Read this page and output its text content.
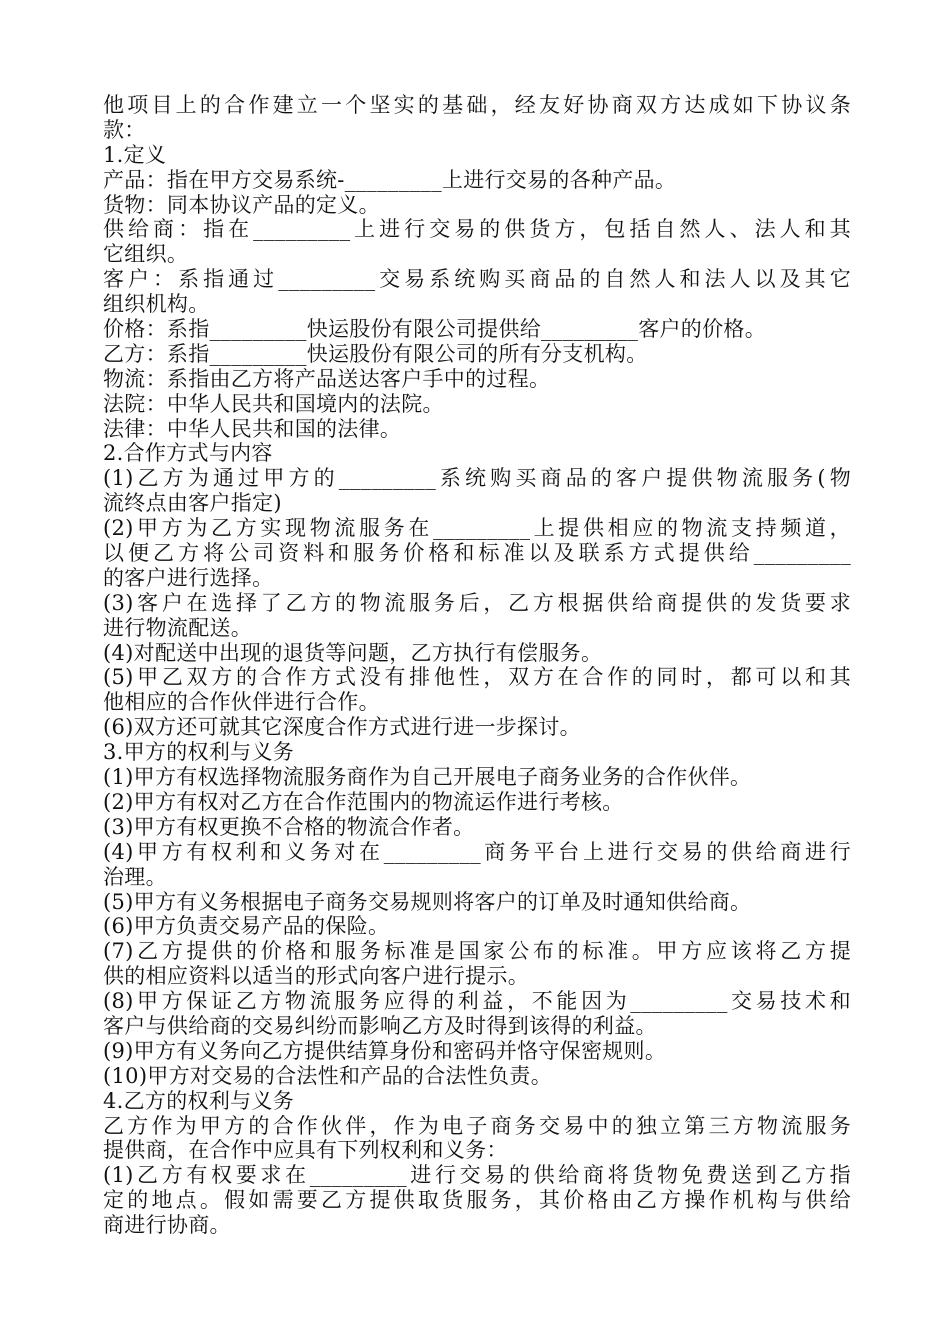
他项目上的合作建立一个坚实的基础，经友好协商双方达成如下协议条
款：
1.定义
产品：指在甲方交易系统-_________上进行交易的各种产品。
货物：同本协议产品的定义。
供给商：指在_________上进行交易的供货方，包括自然人、法人和其
它组织。
客户：系指通过_________交易系统购买商品的自然人和法人以及其它
组织机构。
价格：系指_________快运股份有限公司提供给_________客户的价格。
乙方：系指_________快运股份有限公司的所有分支机构。
物流：系指由乙方将产品送达客户手中的过程。
法院：中华人民共和国境内的法院。
法律：中华人民共和国的法律。
2.合作方式与内容
(1)乙方为通过甲方的_________系统购买商品的客户提供物流服务(物
流终点由客户指定)
(2)甲方为乙方实现物流服务在_________上提供相应的物流支持频道，
以便乙方将公司资料和服务价格和标准以及联系方式提供给_________
的客户进行选择。
(3)客户在选择了乙方的物流服务后，乙方根据供给商提供的发货要求
进行物流配送。
(4)对配送中出现的退货等问题，乙方执行有偿服务。
(5)甲乙双方的合作方式没有排他性，双方在合作的同时，都可以和其
他相应的合作伙伴进行合作。
(6)双方还可就其它深度合作方式进行进一步探讨。
3.甲方的权利与义务
(1)甲方有权选择物流服务商作为自己开展电子商务业务的合作伙伴。
(2)甲方有权对乙方在合作范围内的物流运作进行考核。
(3)甲方有权更换不合格的物流合作者。
(4)甲方有权利和义务对在_________商务平台上进行交易的供给商进行
治理。
(5)甲方有义务根据电子商务交易规则将客户的订单及时通知供给商。
(6)甲方负责交易产品的保险。
(7)乙方提供的价格和服务标准是国家公布的标准。甲方应该将乙方提
供的相应资料以适当的形式向客户进行提示。
(8)甲方保证乙方物流服务应得的利益，不能因为_________交易技术和
客户与供给商的交易纠纷而影响乙方及时得到该得的利益。
(9)甲方有义务向乙方提供结算身份和密码并恪守保密规则。
(10)甲方对交易的合法性和产品的合法性负责。
4.乙方的权利与义务
乙方作为甲方的合作伙伴，作为电子商务交易中的独立第三方物流服务
提供商，在合作中应具有下列权利和义务：
(1)乙方有权要求在_________进行交易的供给商将货物免费送到乙方指
定的地点。假如需要乙方提供取货服务，其价格由乙方操作机构与供给
商进行协商。
